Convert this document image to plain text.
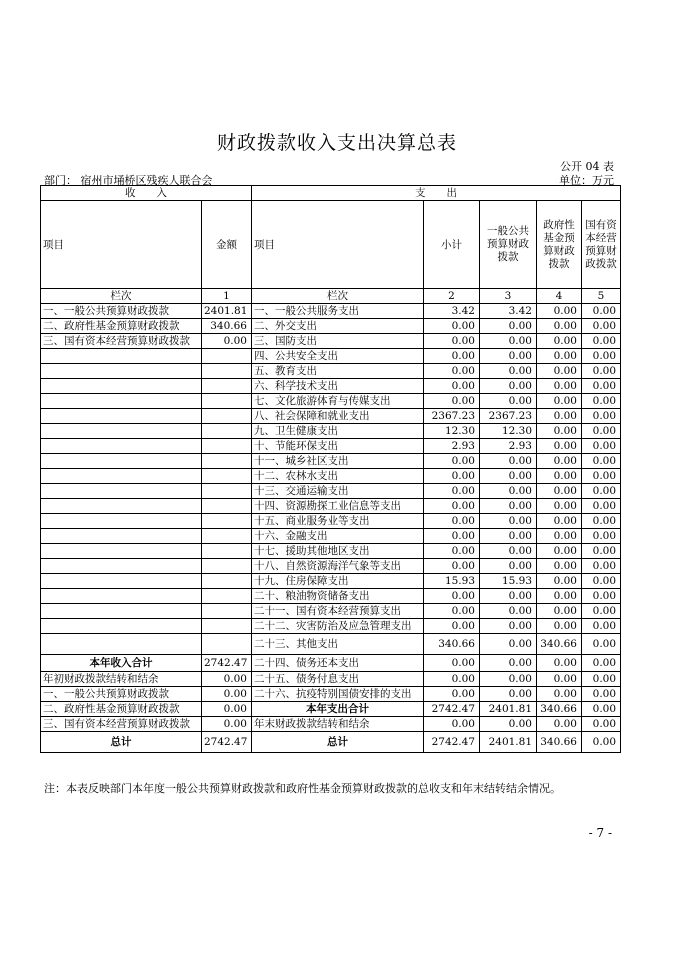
财政拨款收入支出决算总表
公开 04 表
部门： 宿州市埇桥区残疾人联合会	单位：万元
收　　入		支　　出				
项目	金额	项目	小计	一般公共预算财政拨款	政府性基金预算财政拨款	国有资本经营预算财政拨款
栏次	1	栏次	2	3	4	5
一、一般公共预算财政拨款	2401.81	一、一般公共服务支出	3.42	3.42	0.00	0.00
二、政府性基金预算财政拨款	340.66	二、外交支出	0.00	0.00	0.00	0.00
三、国有资本经营预算财政拨款	0.00	三、国防支出	0.00	0.00	0.00	0.00
		四、公共安全支出	0.00	0.00	0.00	0.00
		五、教育支出	0.00	0.00	0.00	0.00
		六、科学技术支出	0.00	0.00	0.00	0.00
		七、文化旅游体育与传媒支出	0.00	0.00	0.00	0.00
		八、社会保障和就业支出	2367.23	2367.23	0.00	0.00
		九、卫生健康支出	12.30	12.30	0.00	0.00
		十、节能环保支出	2.93	2.93	0.00	0.00
		十一、城乡社区支出	0.00	0.00	0.00	0.00
		十二、农林水支出	0.00	0.00	0.00	0.00
		十三、交通运输支出	0.00	0.00	0.00	0.00
		十四、资源勘探工业信息等支出	0.00	0.00	0.00	0.00
		十五、商业服务业等支出	0.00	0.00	0.00	0.00
		十六、金融支出	0.00	0.00	0.00	0.00
		十七、援助其他地区支出	0.00	0.00	0.00	0.00
		十八、自然资源海洋气象等支出	0.00	0.00	0.00	0.00
		十九、住房保障支出	15.93	15.93	0.00	0.00
		二十、粮油物资储备支出	0.00	0.00	0.00	0.00
		二十一、国有资本经营预算支出	0.00	0.00	0.00	0.00
		二十二、灾害防治及应急管理支出	0.00	0.00	0.00	0.00
		二十三、其他支出	340.66	0.00	340.66	0.00
本年收入合计	2742.47	二十四、债务还本支出	0.00	0.00	0.00	0.00
年初财政拨款结转和结余	0.00	二十五、债务付息支出	0.00	0.00	0.00	0.00
一、一般公共预算财政拨款	0.00	二十六、抗疫特别国债安排的支出	0.00	0.00	0.00	0.00
二、政府性基金预算财政拨款	0.00	本年支出合计	2742.47	2401.81	340.66	0.00
三、国有资本经营预算财政拨款	0.00	年末财政拨款结转和结余	0.00	0.00	0.00	0.00
总计	2742.47	总计	2742.47	2401.81	340.66	0.00
注：本表反映部门本年度一般公共预算财政拨款和政府性基金预算财政拨款的总收支和年末结转结余情况。
- 7 -
